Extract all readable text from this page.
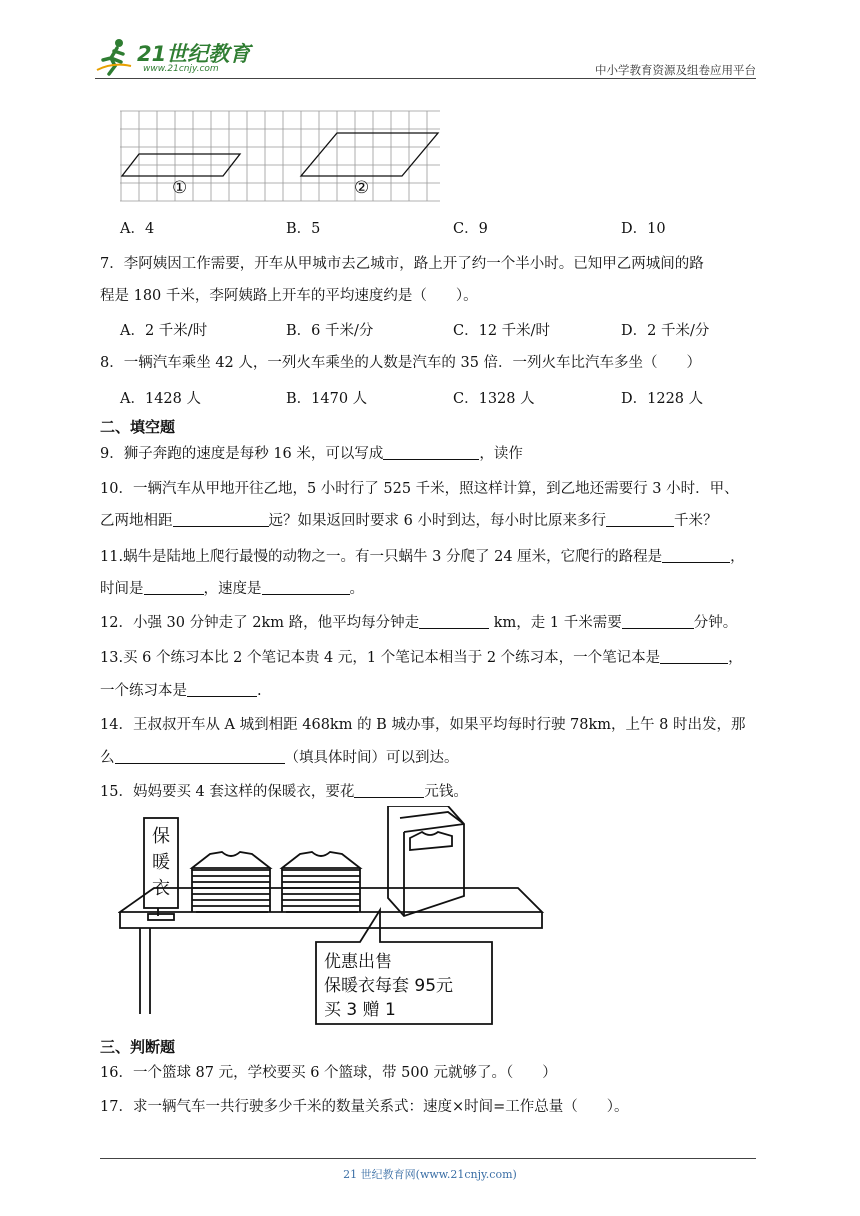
21世纪教育
www.21cnjy.com	中小学教育资源及组卷应用平台
①	②
A．4	B．5	C．9	D．10
7．李阿姨因工作需要，开车从甲城市去乙城市，路上开了约一个半小时。已知甲乙两城间的路
程是 180 千米，李阿姨路上开车的平均速度约是（　　）。
A．2 千米/时	B．6 千米/分	C．12 千米/时	D．2 千米/分
8．一辆汽车乘坐 42 人，一列火车乘坐的人数是汽车的 35 倍．一列火车比汽车多坐（　　）
A．1428 人	B．1470 人	C．1328 人	D．1228 人
二、填空题
9．狮子奔跑的速度是每秒 16 米，可以写成	，读作
10．一辆汽车从甲地开往乙地，5 小时行了 525 千米，照这样计算，到乙地还需要行 3 小时．甲、
乙两地相距	远？如果返回时要求 6 小时到达，每小时比原来多行	千米？
11.蜗牛是陆地上爬行最慢的动物之一。有一只蜗牛 3 分爬了 24 厘米，它爬行的路程是	，
时间是	，速度是	。
12．小强 30 分钟走了 2km 路，他平均每分钟走	km，走 1 千米需要	分钟。
13.买 6 个练习本比 2 个笔记本贵 4 元，1 个笔记本相当于 2 个练习本，一个笔记本是	，
一个练习本是	.
14．王叔叔开车从 A 城到相距 468km 的 B 城办事，如果平均每时行驶 78km，上午 8 时出发，那
么	（填具体时间）可以到达。
15．妈妈要买 4 套这样的保暖衣，要花	元钱。
保
暖
衣
优惠出售
保暖衣每套 95元
买 3 赠 1
三、判断题
16．一个篮球 87 元，学校要买 6 个篮球，带 500 元就够了。（　　）
17．求一辆气车一共行驶多少千米的数量关系式：速度×时间=工作总量（　　）。
21 世纪教育网(www.21cnjy.com)
